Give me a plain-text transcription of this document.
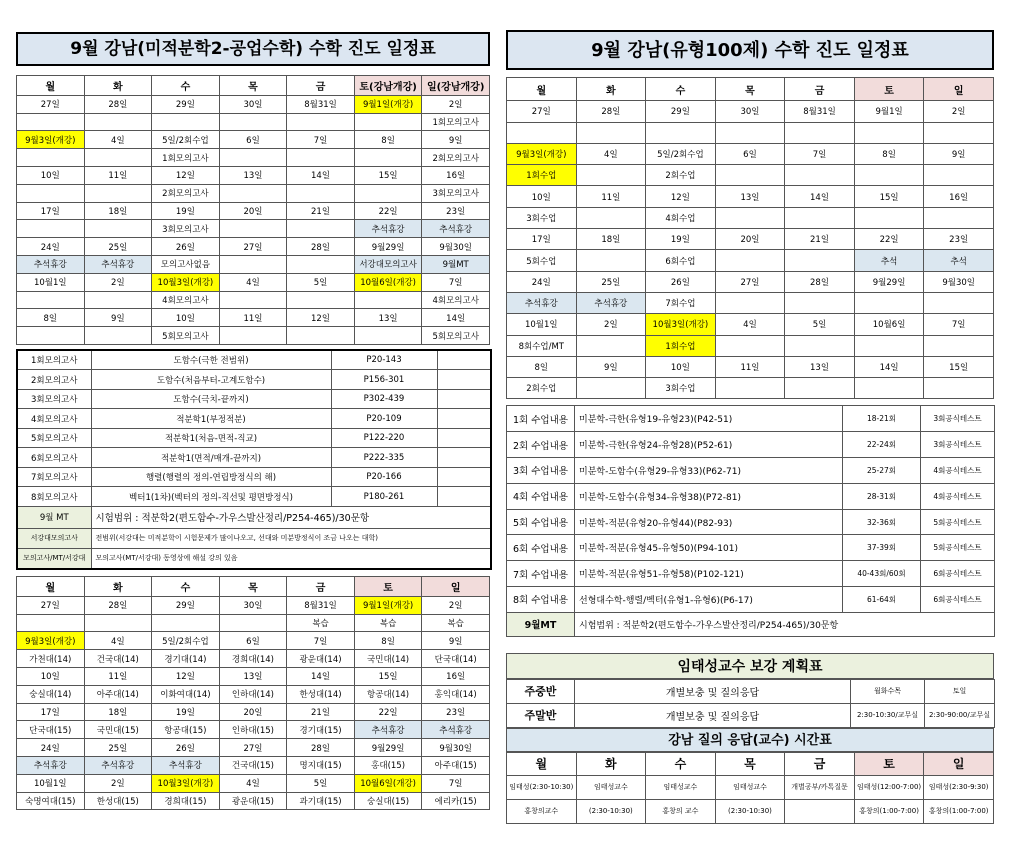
9월 강남(미적분학2-공업수학) 수학 진도 일정표
월	화	수	목	금	토(강남개강)	일(강남개강)
27일	28일	29일	30일	8월31일	9월1일(개강)	2일
						1회모의고사
9월3일(개강)	4일	5일/2회수업	6일	7일	8일	9일
		1회모의고사				2회모의고사
10일	11일	12일	13일	14일	15일	16일
		2회모의고사				3회모의고사
17일	18일	19일	20일	21일	22일	23일
		3회모의고사			추석휴강	추석휴강
24일	25일	26일	27일	28일	9월29일	9월30일
추석휴강	추석휴강	모의고사없음			서강대모의고사	9월MT
10월1일	2일	10월3일(개강)	4일	5일	10월6일(개강)	7일
		4회모의고사				4회모의고사
8일	9일	10일	11일	12일	13일	14일
		5회모의고사				5회모의고사
1회모의고사	도함수(극한 전범위)	P20-143	
2회모의고사	도함수(처음부터-고계도함수)	P156-301	
3회모의고사	도함수(극치-끝까지)	P302-439	
4회모의고사	적분학1(부정적분)	P20-109	
5회모의고사	적분학1(처음-면적-직교)	P122-220	
6회모의고사	적분학1(면적/매개-끝까지)	P222-335	
7회모의고사	행렬(행렬의 정의-연립방정식의 해)	P20-166	
8회모의고사	벡터1(1차)(벡터의 정의-직선및 평면방정식)	P180-261	
9월 MT	시험범위 : 적분학2(편도함수-가우스발산정리/P254-465)/30문항		
서강대모의고사	전범위(서강대는 미적분학이 시험문제가 많이나오고, 선대와 미분방정식이 조금 나오는 대학)		
모의고사/MT/서강대	모의고사(MT/서강대) 동영상에 해설 강의 있음		
월	화	수	목	금	토	일
27일	28일	29일	30일	8월31일	9월1일(개강)	2일
				복습	복습	복습
9월3일(개강)	4일	5일/2회수업	6일	7일	8일	9일
가천대(14)	건국대(14)	경기대(14)	경희대(14)	광운대(14)	국민대(14)	단국대(14)
10일	11일	12일	13일	14일	15일	16일
숭실대(14)	아주대(14)	이화여대(14)	인하대(14)	한성대(14)	항공대(14)	홍익대(14)
17일	18일	19일	20일	21일	22일	23일
단국대(15)	국민대(15)	항공대(15)	인하대(15)	경기대(15)	추석휴강	추석휴강
24일	25일	26일	27일	28일	9월29일	9월30일
추석휴강	추석휴강	추석휴강	건국대(15)	명지대(15)	홍대(15)	아주대(15)
10월1일	2일	10월3일(개강)	4일	5일	10월6일(개강)	7일
숙명여대(15)	한성대(15)	경희대(15)	광운대(15)	과기대(15)	숭실대(15)	에리카(15)
9월 강남(유형100제) 수학 진도 일정표
월	화	수	목	금	토	일
27일	28일	29일	30일	8월31일	9월1일	2일

9월3일(개강)	4일	5일/2회수업	6일	7일	8일	9일
1회수업		2회수업				
10일	11일	12일	13일	14일	15일	16일
3회수업		4회수업				
17일	18일	19일	20일	21일	22일	23일
5회수업		6회수업			추석	추석
24일	25일	26일	27일	28일	9월29일	9월30일
추석휴강	추석휴강	7회수업				
10월1일	2일	10월3일(개강)	4일	5일	10월6일	7일
8회수업/MT		1회수업				
8일	9일	10일	11일	13일	14일	15일
2회수업		3회수업				
1회 수업내용	미분학-극한(유형19-유형23)(P42-51)	18-21회	3회공식테스트
2회 수업내용	미분학-극한(유형24-유형28)(P52-61)	22-24회	3회공식테스트
3회 수업내용	미분학-도함수(유형29-유형33)(P62-71)	25-27회	4회공식테스트
4회 수업내용	미분학-도함수(유형34-유형38)(P72-81)	28-31회	4회공식테스트
5회 수업내용	미분학-적분(유형20-유형44)(P82-93)	32-36회	5회공식테스트
6회 수업내용	미분학-적분(유형45-유형50)(P94-101)	37-39회	5회공식테스트
7회 수업내용	미분학-적분(유형51-유형58)(P102-121)	40-43회/60회	6회공식테스트
8회 수업내용	선형대수학-행렬/벡터(유형1-유형6)(P6-17)	61-64회	6회공식테스트
9월MT	시험범위 : 적분학2(편도함수-가우스발산정리/P254-465)/30문항		
임태성교수 보강 계획표
주중반	개별보충 및 질의응답	월화수목	토일
주말반	개별보충 및 질의응답	2:30-10:30/교무실	2:30-90:00/교무실
강남 질의 응답(교수) 시간표
월	화	수	목	금	토	일
임태성(2:30-10:30)	임태성교수	임태성교수	임태성교수	개별공부/카톡질문	임태성(12:00-7:00)	임태성(2:30-9:30)
홍창의교수	(2:30-10:30)	홍창의 교수	(2:30-10:30)		홍창의(1:00-7:00)	홍창의(1:00-7:00)
